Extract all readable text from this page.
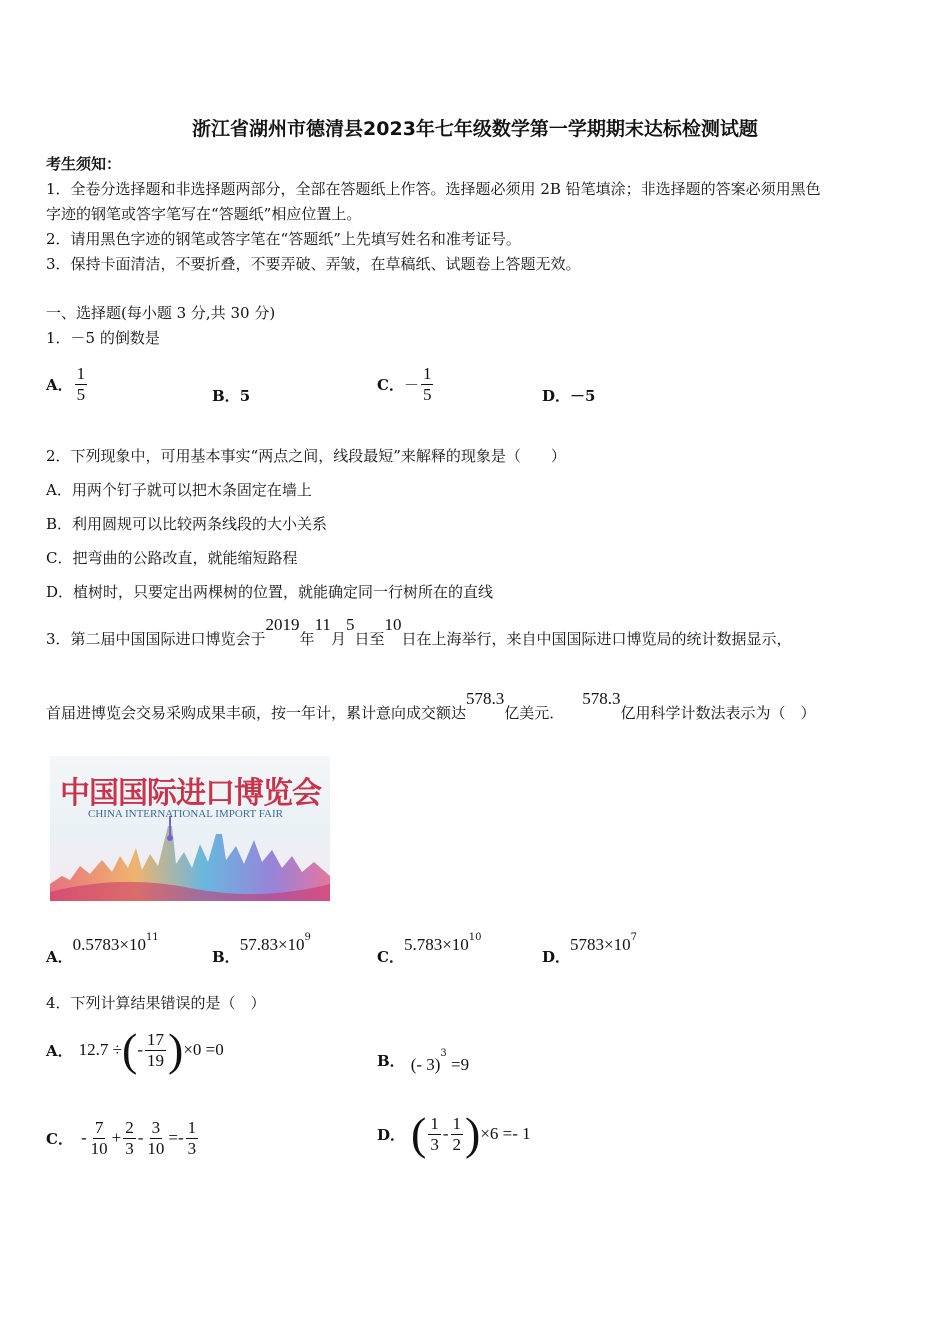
浙江省湖州市德清县2023年七年级数学第一学期期末达标检测试题
考生须知：
1．全卷分选择题和非选择题两部分，全部在答题纸上作答。选择题必须用 2B 铅笔填涂；非选择题的答案必须用黑色
字迹的钢笔或答字笔写在“答题纸”相应位置上。
2．请用黑色字迹的钢笔或答字笔在“答题纸”上先填写姓名和准考证号。
3．保持卡面清洁，不要折叠，不要弄破、弄皱，在草稿纸、试题卷上答题无效。
一、选择题(每小题 3 分,共 30 分)
1．－5 的倒数是
A． $\frac{1}{5}$	B．5
C． － $\frac{1}{5}$	D．－5
2．下列现象中，可用基本事实“两点之间，线段最短”来解释的现象是（　　）
A．用两个钉子就可以把木条固定在墙上
B．利用圆规可以比较两条线段的大小关系
C．把弯曲的公路改直，就能缩短路程
D．植树时，只要定出两棵树的位置，就能确定同一行树所在的直线
3．第二届中国国际进口博览会于2019年11月5日至10日在上海举行，来自中国国际进口博览局的统计数据显示，
首届进博览会交易采购成果丰硕，按一年计，累计意向成交额达578.3亿美元．578.3亿用科学计数法表示为（　）
中国国际进口博览会
CHINA INTERNATIONAL IMPORT FAIR
A．$0.5783\times 10^{11}$
B．$57.83\times 10^9$
C．$5.783\times 10^{10}$
D．$5783\times 10^7$
4．下列计算结果错误的是（　）
A． 12.7 ÷ ( - $\frac{17}{19}$ ) ×0 =0
B． (- 3)$^3$ =9
C． - $\frac{7}{10} + \frac{2}{3} - \frac{3}{10} =- \frac{1}{3}$	D． ( $\frac{1}{3} - \frac{1}{2}$ ) ×6 =- 1
